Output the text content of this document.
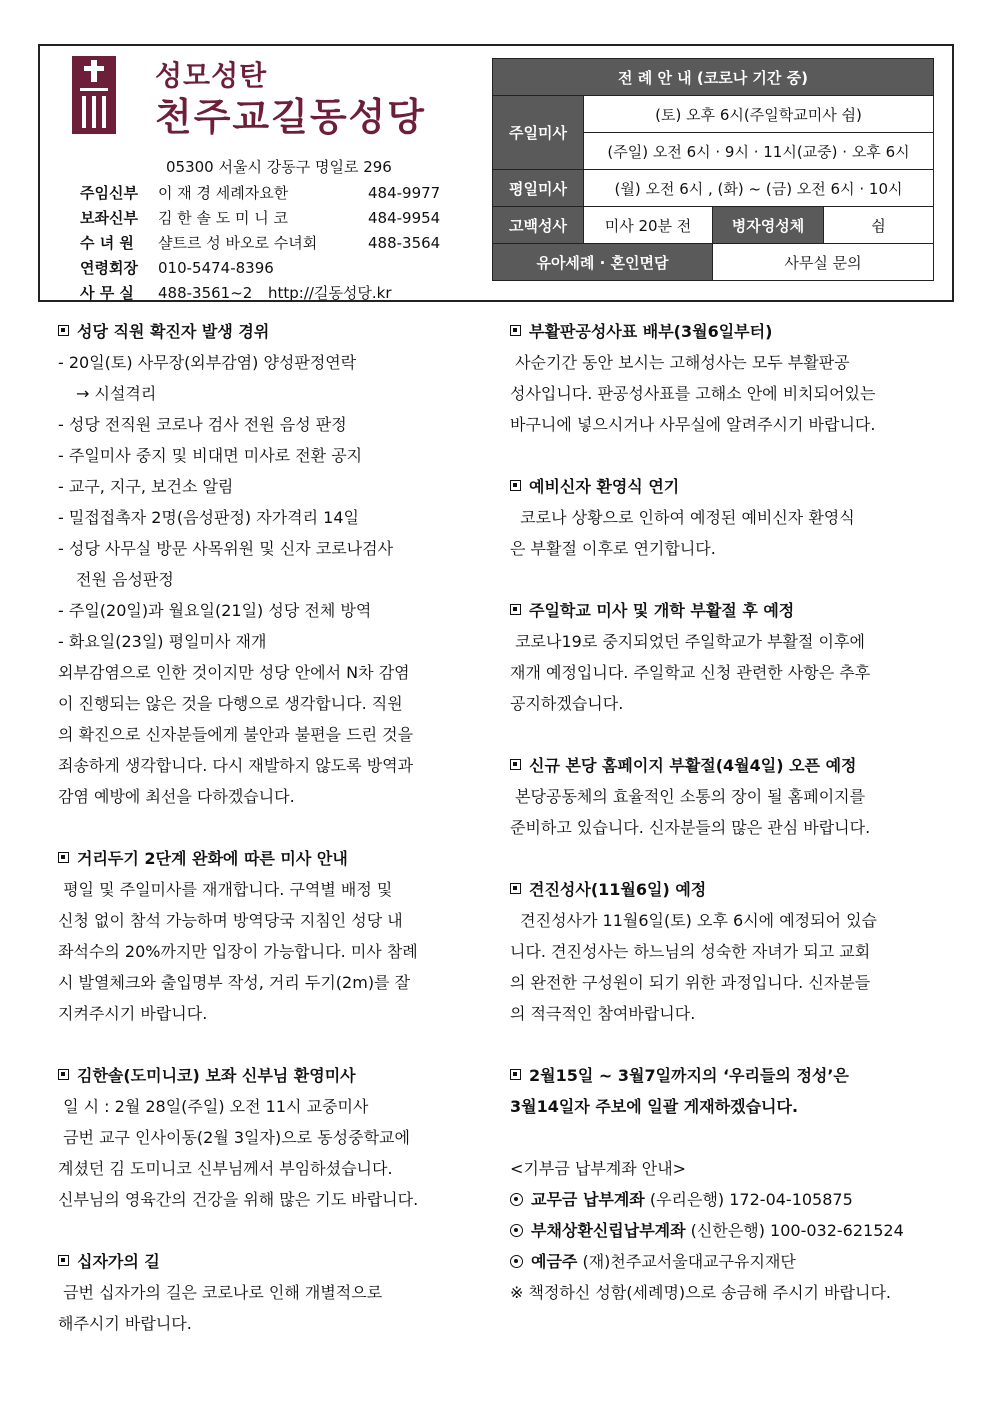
성모성탄
천주교길동성당
05300 서울시 강동구 명일로 296
주임신부	이 재 경 세례자요한	484-9977
보좌신부	김 한 솔 도 미 니 코	484-9954
수 녀 원	샬트르 성 바오로 수녀회	488-3564
연령회장	010-5474-8396
사 무 실	488-3561~2	http://길동성당.kr
전 례 안 내 (코로나 기간 중)			
주일미사	(토) 오후 6시(주일학교미사 쉼)		
	(주일) 오전 6시 · 9시 · 11시(교중) · 오후 6시		
평일미사	(월) 오전 6시 , (화) ~ (금) 오전 6시 · 10시		
고백성사	미사 20분 전	병자영성체	쉼
유아세례 · 혼인면담		사무실 문의	

성당 직원 확진자 발생 경위

- 20일(토) 사무장(외부감염) 양성판정연락

→ 시설격리

- 성당 전직원 코로나 검사 전원 음성 판정

- 주일미사 중지 및 비대면 미사로 전환 공지

- 교구, 지구, 보건소 알림

- 밀접접촉자 2명(음성판정) 자가격리 14일

- 성당 사무실 방문 사목위원 및 신자 코로나검사

전원 음성판정

- 주일(20일)과 월요일(21일) 성당 전체 방역

- 화요일(23일) 평일미사 재개

외부감염으로 인한 것이지만 성당 안에서 N차 감염

이 진행되는 않은 것을 다행으로 생각합니다. 직원

의 확진으로 신자분들에게 불안과 불편을 드린 것을

죄송하게 생각합니다. 다시 재발하지 않도록 방역과

감염 예방에 최선을 다하겠습니다.

거리두기 2단계 완화에 따른 미사 안내

평일 및 주일미사를 재개합니다. 구역별 배정 및

신청 없이 참석 가능하며 방역당국 지침인 성당 내

좌석수의 20%까지만 입장이 가능합니다. 미사 참례

시 발열체크와 출입명부 작성, 거리 두기(2m)를 잘

지켜주시기 바랍니다.

김한솔(도미니코) 보좌 신부님 환영미사

일 시 : 2월 28일(주일) 오전 11시 교중미사

금번 교구 인사이동(2월 3일자)으로 동성중학교에

계셨던 김 도미니코 신부님께서 부임하셨습니다.

신부님의 영육간의 건강을 위해 많은 기도 바랍니다.

십자가의 길

금번 십자가의 길은 코로나로 인해 개별적으로

해주시기 바랍니다.

부활판공성사표 배부(3월6일부터)

사순기간 동안 보시는 고해성사는 모두 부활판공

성사입니다. 판공성사표를 고해소 안에 비치되어있는

바구니에 넣으시거나 사무실에 알려주시기 바랍니다.

예비신자 환영식 연기

코로나 상황으로 인하여 예정된 예비신자 환영식

은 부활절 이후로 연기합니다.

주일학교 미사 및 개학 부활절 후 예정

코로나19로 중지되었던 주일학교가 부활절 이후에

재개 예정입니다. 주일학교 신청 관련한 사항은 추후

공지하겠습니다.

신규 본당 홈페이지 부활절(4월4일) 오픈 예정

본당공동체의 효율적인 소통의 장이 될 홈페이지를

준비하고 있습니다. 신자분들의 많은 관심 바랍니다.

견진성사(11월6일) 예정

견진성사가 11월6일(토) 오후 6시에 예정되어 있습

니다. 견진성사는 하느님의 성숙한 자녀가 되고 교회

의 완전한 구성원이 되기 위한 과정입니다. 신자분들

의 적극적인 참여바랍니다.

2월15일 ~ 3월7일까지의 ‘우리들의 정성’은

3월14일자 주보에 일괄 게재하겠습니다.

<기부금 납부계좌 안내>

교무금 납부계좌 (우리은행) 172-04-105875

부채상환신립납부계좌 (신한은행) 100-032-621524

예금주 (재)천주교서울대교구유지재단

※ 책정하신 성함(세례명)으로 송금해 주시기 바랍니다.
